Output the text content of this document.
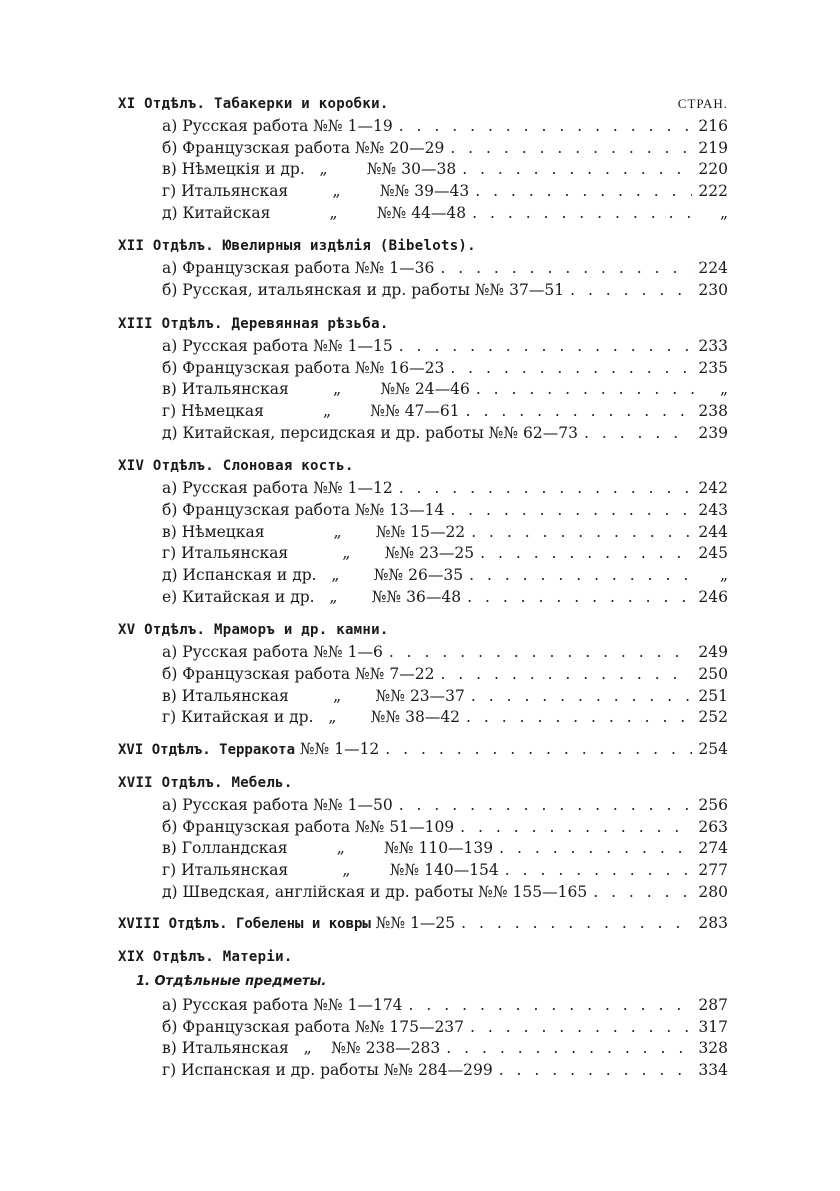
XI Отдѣлъ. Табакерки и коробки.	СТРАН.
а) Русская работа №№ 1—19 . . .	216
б) Французская работа №№ 20—29 . . .	219
в) Нѣмецкія и др.   „        №№ 30—38 . . .	220
г) Итальянская         „        №№ 39—43 . . .	222
д) Китайская            „        №№ 44—48 . . .	„
XII Отдѣлъ. Ювелирныя издѣлія (Bibelots).
а) Французская работа №№ 1—36 . . .	224
б) Русская, итальянская и др. работы №№ 37—51 . . .	230
XIII Отдѣлъ. Деревянная рѣзьба.
а) Русская работа №№ 1—15 . . .	233
б) Французская работа №№ 16—23 . . .	235
в) Итальянская         „        №№ 24—46 . . .	„
г) Нѣмецкая            „        №№ 47—61 . . .	238
д) Китайская, персидская и др. работы №№ 62—73 . . .	239
XIV Отдѣлъ. Слоновая кость.
а) Русская работа №№ 1—12 . . .	242
б) Французская работа №№ 13—14 . . .	243
в) Нѣмецкая              „       №№ 15—22 . . .	244
г) Итальянская           „       №№ 23—25 . . .	245
д) Испанская и др.   „       №№ 26—35 . . .	„
е) Китайская и др.   „       №№ 36—48 . . .	246
XV Отдѣлъ. Мраморъ и др. камни.
а) Русская работа №№ 1—6 . . .	249
б) Французская работа №№ 7—22 . . .	250
в) Итальянская         „       №№ 23—37 . . .	251
г) Китайская и др.   „       №№ 38—42 . . .	252
XVI Отдѣлъ. Терракота №№ 1—12 . . .	254
XVII Отдѣлъ. Мебель.
а) Русская работа №№ 1—50 . . .	256
б) Французская работа №№ 51—109 . . .	263
в) Голландская          „        №№ 110—139 . . .	274
г) Итальянская           „        №№ 140—154 . . .	277
д) Шведская, англійская и др. работы №№ 155—165 . . .	280
XVIII Отдѣлъ. Гобелены и ковры №№ 1—25 . . .	283
XIX Отдѣлъ. Матеріи.
1. Отдѣльные предметы.
а) Русская работа №№ 1—174 . . .	287
б) Французская работа №№ 175—237 . . .	317
в) Итальянская   „    №№ 238—283 . . .	328
г) Испанская и др. работы №№ 284—299 . . .	334
